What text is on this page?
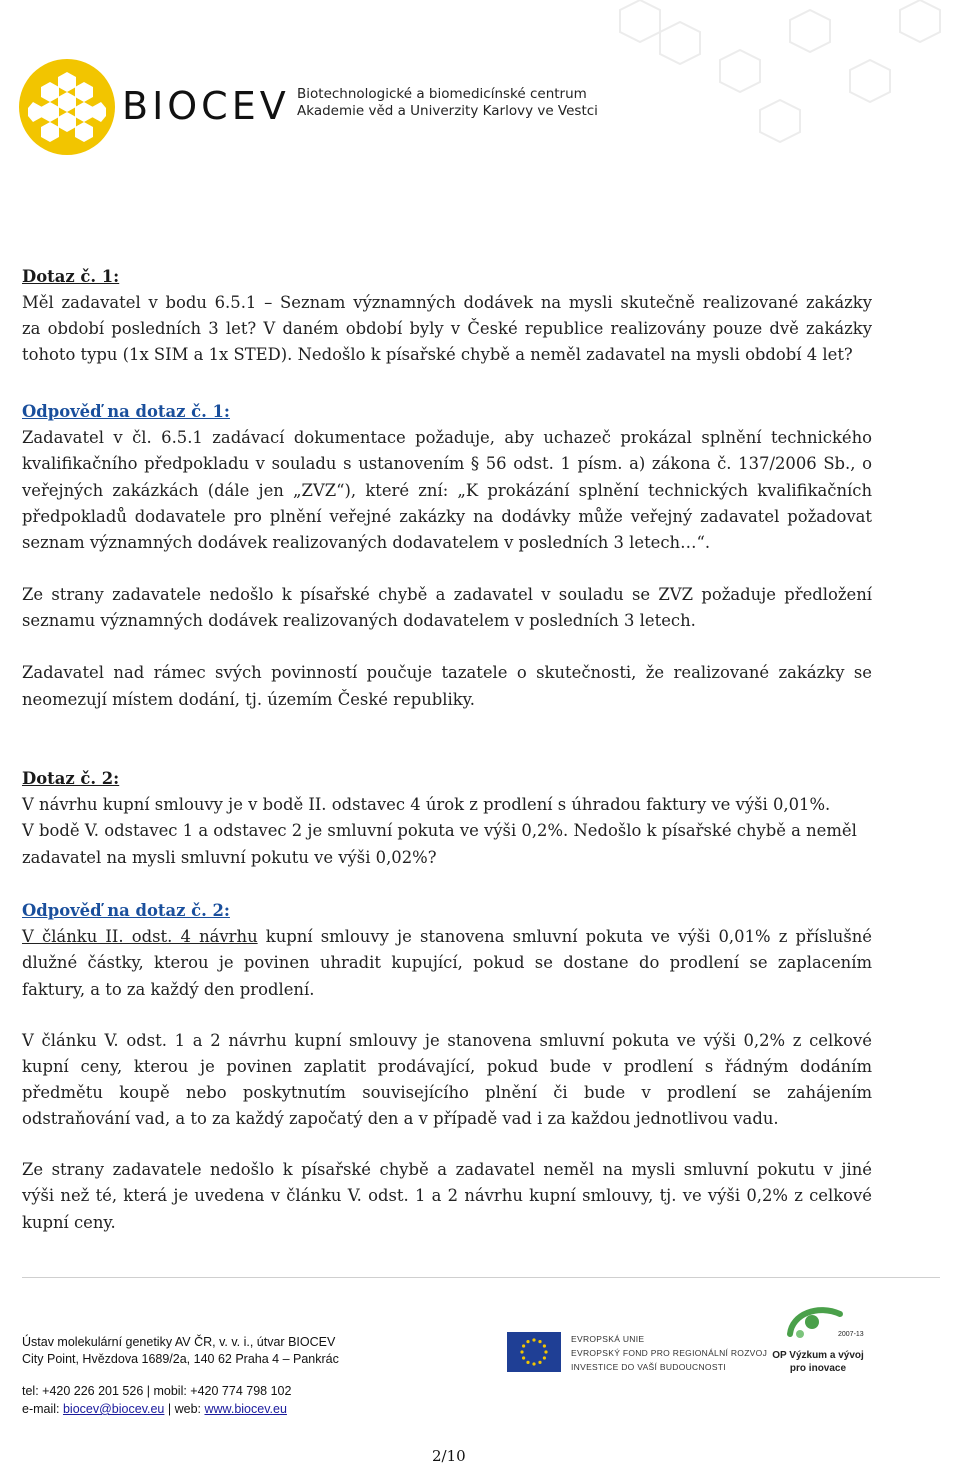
BIOCEV Biotechnologické a biomedicínské centrum
Akademie věd a Univerzity Karlovy ve Vestci
Dotaz č. 1:
Měl zadavatel v bodu 6.5.1 – Seznam významných dodávek na mysli skutečně realizované zakázky
za období posledních 3 let? V daném období byly v České republice realizovány pouze dvě zakázky
tohoto typu (1x SIM a 1x STED). Nedošlo k písařské chybě a neměl zadavatel na mysli období 4 let?
Odpověď na dotaz č. 1:
Zadavatel v čl. 6.5.1 zadávací dokumentace požaduje, aby uchazeč prokázal splnění technického
kvalifikačního předpokladu v souladu s ustanovením § 56 odst. 1 písm. a) zákona č. 137/2006 Sb., o
veřejných zakázkách (dále jen „ZVZ“), které zní: „K prokázání splnění technických kvalifikačních
předpokladů dodavatele pro plnění veřejné zakázky na dodávky může veřejný zadavatel požadovat
seznam významných dodávek realizovaných dodavatelem v posledních 3 letech…“.
Ze strany zadavatele nedošlo k písařské chybě a zadavatel v souladu se ZVZ požaduje předložení
seznamu významných dodávek realizovaných dodavatelem v posledních 3 letech.
Zadavatel nad rámec svých povinností poučuje tazatele o skutečnosti, že realizované zakázky se
neomezují místem dodání, tj. územím České republiky.
Dotaz č. 2:
V návrhu kupní smlouvy je v bodě II. odstavec 4 úrok z prodlení s úhradou faktury ve výši 0,01%.
V bodě V. odstavec 1 a odstavec 2 je smluvní pokuta ve výši 0,2%. Nedošlo k písařské chybě a neměl
zadavatel na mysli smluvní pokutu ve výši 0,02%?
Odpověď na dotaz č. 2:
V článku II. odst. 4 návrhu kupní smlouvy je stanovena smluvní pokuta ve výši 0,01% z příslušné
dlužné částky, kterou je povinen uhradit kupující, pokud se dostane do prodlení se zaplacením
faktury, a to za každý den prodlení.
V článku V. odst. 1 a 2 návrhu kupní smlouvy je stanovena smluvní pokuta ve výši 0,2% z celkové
kupní ceny, kterou je povinen zaplatit prodávající, pokud bude v prodlení s řádným dodáním
předmětu koupě nebo poskytnutím souvisejícího plnění či bude v prodlení se zahájením
odstraňování vad, a to za každý započatý den a v případě vad i za každou jednotlivou vadu.
Ze strany zadavatele nedošlo k písařské chybě a zadavatel neměl na mysli smluvní pokutu v jiné
výši než té, která je uvedena v článku V. odst. 1 a 2 návrhu kupní smlouvy, tj. ve výši 0,2% z celkové
kupní ceny.
Ústav molekulární genetiky AV ČR, v. v. i., útvar BIOCEV
City Point, Hvězdova 1689/2a, 140 62 Praha 4 – Pankrác
tel: +420 226 201 526 | mobil: +420 774 798 102
e-mail: biocev@biocev.eu | web: www.biocev.eu
EVROPSKÁ UNIE
EVROPSKÝ FOND PRO REGIONÁLNÍ ROZVOJ
INVESTICE DO VAŠÍ BUDOUCNOSTI
2007-13
OP Výzkum a vývoj
pro inovace
2/10
